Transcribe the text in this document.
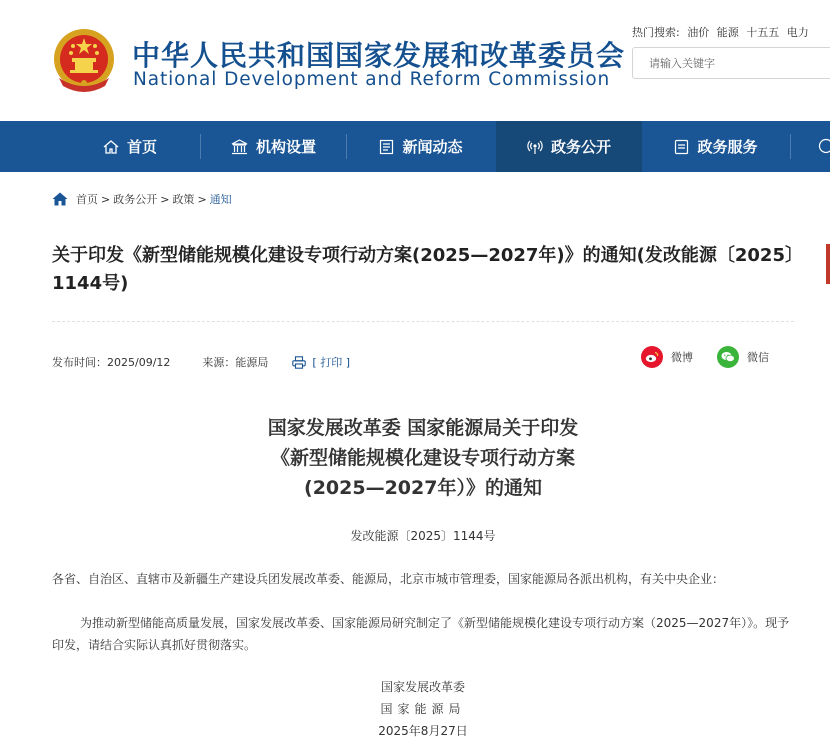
中华人民共和国国家发展和改革委员会
National Development and Reform Commission
热门搜索: 油价 能源 十五五 电力
请输入关键字
首页	机构设置	新闻动态	政务公开	政务服务
首页 > 政务公开 > 政策 > 通知
关于印发《新型储能规模化建设专项行动方案(2025—2027年)》的通知(发改能源〔2025〕1144号)
发布时间：2025/09/12	来源：能源局	[ 打印 ]	微博	微信
国家发展改革委 国家能源局关于印发
《新型储能规模化建设专项行动方案
(2025—2027年）》的通知
发改能源〔2025〕1144号
各省、自治区、直辖市及新疆生产建设兵团发展改革委、能源局，北京市城市管理委，国家能源局各派出机构，有关中央企业：
为推动新型储能高质量发展，国家发展改革委、国家能源局研究制定了《新型储能规模化建设专项行动方案（2025—2027年）》。现予印发，请结合实际认真抓好贯彻落实。
国家发展改革委
国家能源局
2025年8月27日
